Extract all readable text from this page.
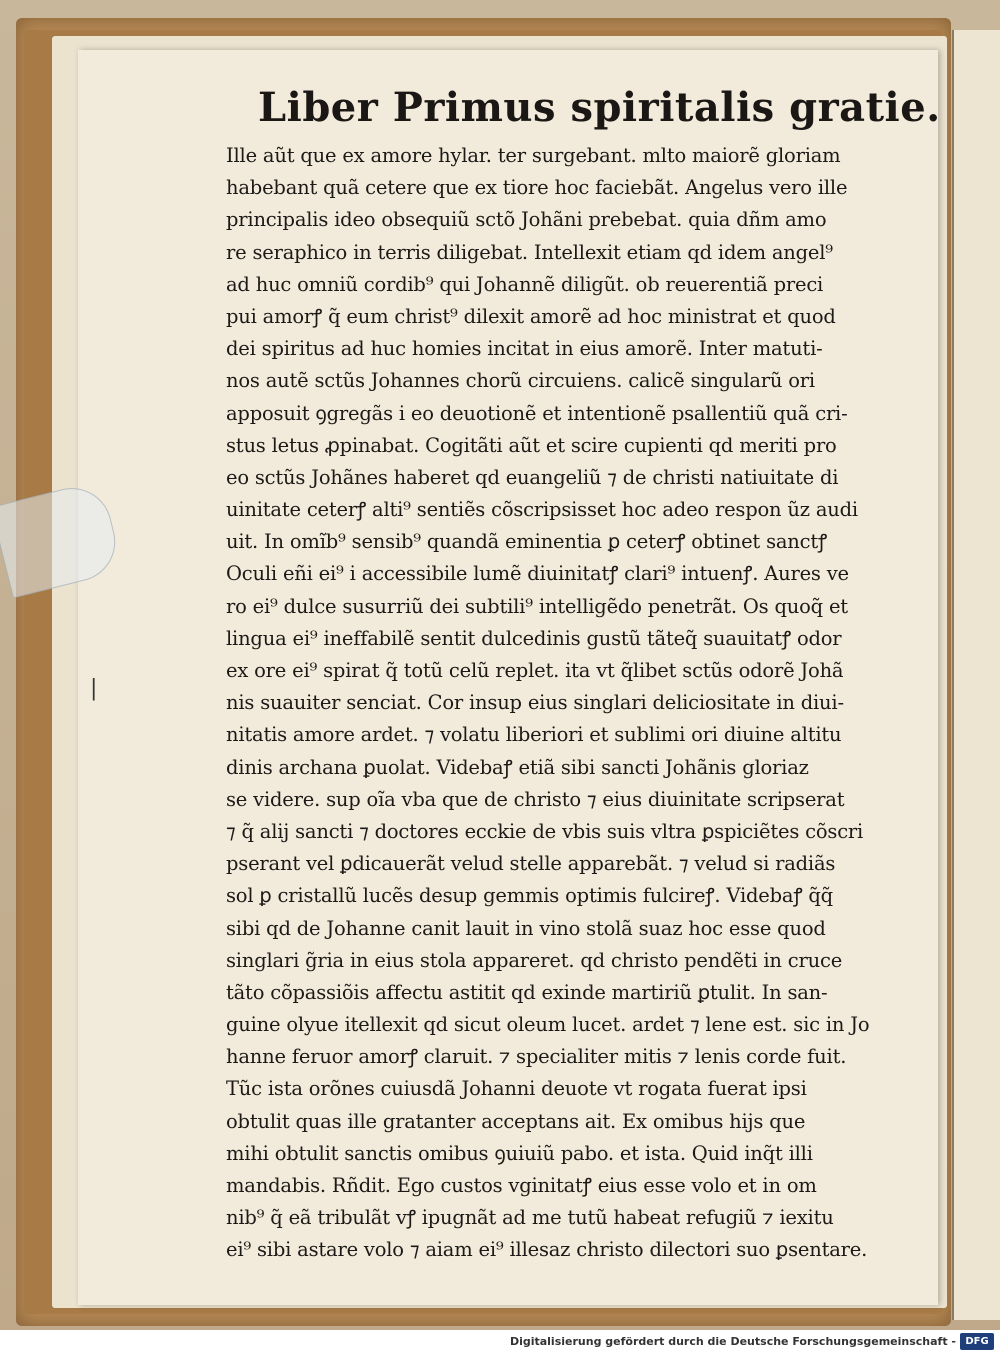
Liber Primus spiritalis gratie.
|
Ille aũt que ex amore hylar. ter surgebant. mlto maiorẽ gloriam
habebant quã cetere que ex tiore hoc faciebãt. Angelus vero ille
principalis ideo obsequiũ sctõ Johãni prebebat. quia dñm amo
re seraphico in terris diligebat. Intellexit etiam qd idem angel⁹
ad huc omniũ cordib⁹ qui Johannẽ diligũt. ob reuerentiã preci
pui amorꝭ q̃ eum christ⁹ dilexit amorẽ ad hoc ministrat et quod
dei spiritus ad huc homies incitat in eius amorẽ. Inter matuti-
nos autẽ sctũs Johannes chorũ circuiens. calicẽ singularũ ori
apposuit ꝯgregãs i eo deuotionẽ et intentionẽ psallentiũ quã cri-
stus letus ꝓpinabat. Cogitãti aũt et scire cupienti qd meriti pro
eo sctũs Johãnes haberet qd euangeliũ ⁊ de christi natiuitate di
uinitate ceterꝭ alti⁹ sentiẽs cõscripsisset hoc adeo respon ũz audi
uit. In omĩb⁹ sensib⁹ quandã eminentia ꝑ ceterꝭ obtinet sanctꝭ
Oculi eñi ei⁹ i accessibile lumẽ diuinitatꝭ clari⁹ intuenꝭ. Aures ve
ro ei⁹ dulce susurriũ dei subtili⁹ intelligẽdo penetrãt. Os quoq̃ et
lingua ei⁹ ineffabilẽ sentit dulcedinis gustũ tãteq̃ suauitatꝭ odor
ex ore ei⁹ spirat q̃ totũ celũ replet. ita vt q̃libet sctũs odorẽ Johã
nis suauiter senciat. Cor insup eius singlari deliciositate in diui-
nitatis amore ardet. ⁊ volatu liberiori et sublimi ori diuine altitu
dinis archana ꝑuolat. Videbaꝭ etiã sibi sancti Johãnis gloriaz
se videre. sup oĩa vba que de christo ⁊ eius diuinitate scripserat
⁊ q̃ alij sancti ⁊ doctores ecckie de vbis suis vltra ꝑspiciẽtes cõscri
pserant vel ꝑdicauerãt velud stelle apparebãt. ⁊ velud si radiãs
sol ꝑ cristallũ lucẽs desup gemmis optimis fulcireꝭ. Videbaꝭ q̃q̃
sibi qd de Johanne canit lauit in vino stolã suaz hoc esse quod
singlari g̃ria in eius stola appareret. qd christo pendẽti in cruce
tãto cõpassiõis affectu astitit qd exinde martiriũ ꝑtulit. In san-
guine olyue itellexit qd sicut oleum lucet. ardet ⁊ lene est. sic in Jo
hanne feruor amorꝭ claruit. ⁊ specialiter mitis ⁊ lenis corde fuit.
Tũc ista orõnes cuiusdã Johanni deuote vt rogata fuerat ipsi
obtulit quas ille gratanter acceptans ait. Ex omibus hijs que
mihi obtulit sanctis omibus ꝯuiuiũ pabo. et ista. Quid inq̃t illi
mandabis. Rñdit. Ego custos vginitatꝭ eius esse volo et in om
nib⁹ q̃ eã tribulãt vꝭ ipugnãt ad me tutũ habeat refugiũ ⁊ iexitu
ei⁹ sibi astare volo ⁊ aiam ei⁹ illesaz christo dilectori suo ꝑsentare.
Digitalisierung gefördert durch die Deutsche Forschungsgemeinschaft - DFG
